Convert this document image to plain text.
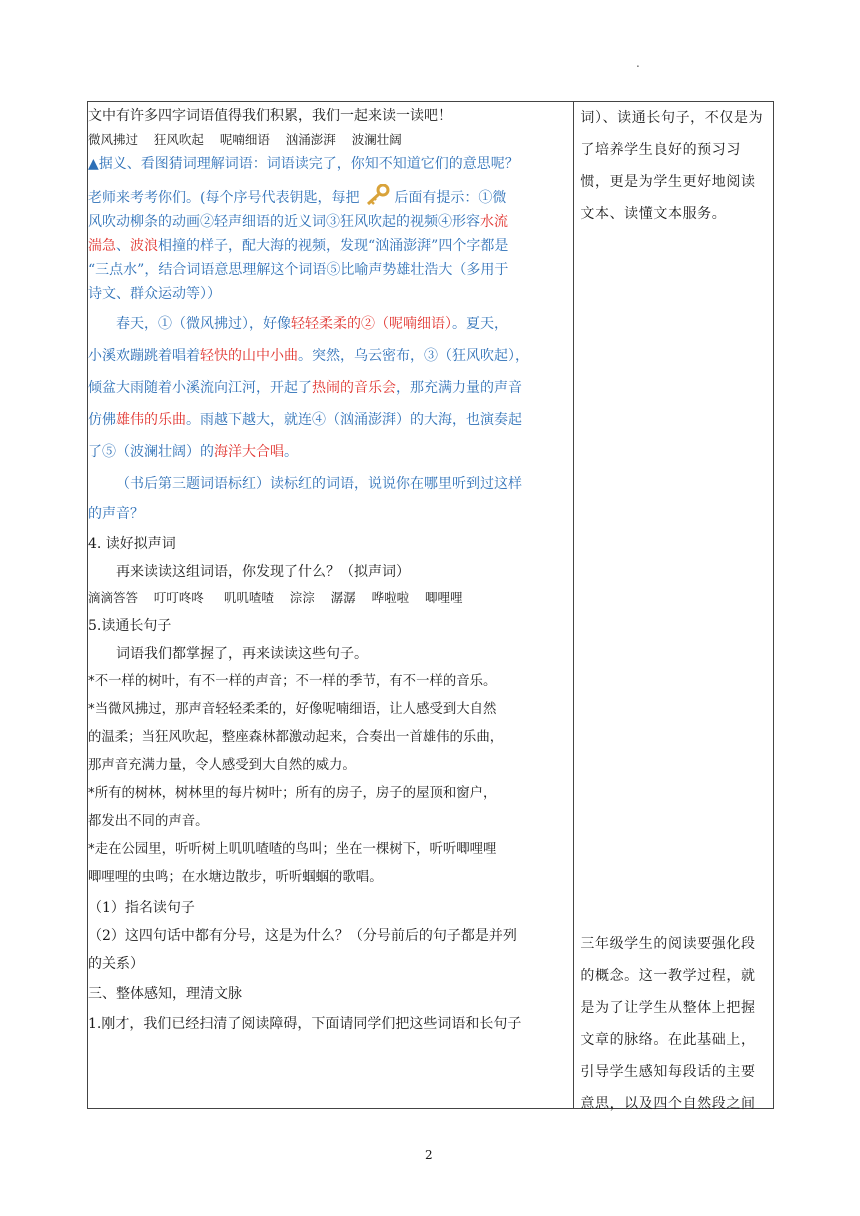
.

文中有许多四字词语值得我们积累，我们一起来读一读吧！

微风拂过 狂风吹起 呢喃细语 汹涌澎湃 波澜壮阔

▲据义、看图猜词理解词语：词语读完了，你知不知道它们的意思呢？

老师来考考你们。(每个序号代表钥匙，每把 后面有提示：①微

风吹动柳条的动画②轻声细语的近义词③狂风吹起的视频④形容水流

湍急、波浪相撞的样子，配大海的视频，发现“汹涌澎湃”四个字都是

“三点水”，结合词语意思理解这个词语⑤比喻声势雄壮浩大（多用于

诗文、群众运动等））

春天，①（微风拂过），好像轻轻柔柔的②（呢喃细语）。夏天，

小溪欢蹦跳着唱着轻快的山中小曲。突然，乌云密布，③（狂风吹起），

倾盆大雨随着小溪流向江河，开起了热闹的音乐会，那充满力量的声音

仿佛雄伟的乐曲。雨越下越大，就连④（汹涌澎湃）的大海，也演奏起

了⑤（波澜壮阔）的海洋大合唱。

（书后第三题词语标红）读标红的词语，说说你在哪里听到过这样

的声音？

4. 读好拟声词

再来读读这组词语，你发现了什么？（拟声词）

滴滴答答 叮叮咚咚 叽叽喳喳 淙淙 潺潺 哗啦啦 唧哩哩

5.读通长句子

词语我们都掌握了，再来读读这些句子。

*不一样的树叶，有不一样的声音；不一样的季节，有不一样的音乐。

*当微风拂过，那声音轻轻柔柔的，好像呢喃细语，让人感受到大自然

的温柔；当狂风吹起，整座森林都激动起来，合奏出一首雄伟的乐曲，

那声音充满力量，令人感受到大自然的威力。

*所有的树林，树林里的每片树叶；所有的房子，房子的屋顶和窗户，

都发出不同的声音。

*走在公园里，听听树上叽叽喳喳的鸟叫；坐在一棵树下，听听唧哩哩

唧哩哩的虫鸣；在水塘边散步，听听蝈蝈的歌唱。

（1）指名读句子

（2）这四句话中都有分号，这是为什么？（分号前后的句子都是并列

的关系）

三、整体感知，理清文脉

1.刚才，我们已经扫清了阅读障碍，下面请同学们把这些词语和长句子

词）、读通长句子，不仅是为

了培养学生良好的预习习

惯，更是为学生更好地阅读

文本、读懂文本服务。

三年级学生的阅读要强化段

的概念。这一教学过程，就

是为了让学生从整体上把握

文章的脉络。在此基础上，

引导学生感知每段话的主要

意思，以及四个自然段之间

2
